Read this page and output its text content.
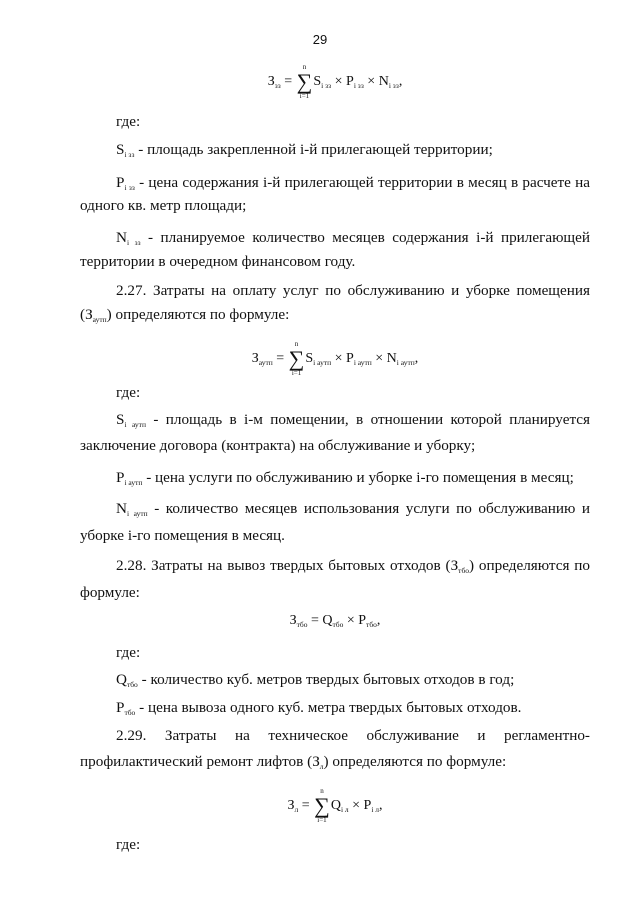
29
$З_{зз}$ =
n
∑
i=1
$S_{i зз} \times P_{i зз} \times N_{i зз}$,
где:
$S_{i зз}$ - площадь закрепленной i-й прилегающей территории;
$P_{i зз}$ - цена содержания i-й прилегающей территории в месяц в расчете на
одного кв. метр площади;
$N_{i зз}$ - планируемое количество месяцев содержания i-й прилегающей
территории в очередном финансовом году.
2.27. Затраты на оплату услуг по обслуживанию и уборке помещения
$(З_{аутп})$ определяются по формуле:
$З_{аутп}$ =
n
∑
i=1
$S_{i аутп} \times P_{i аутп} \times N_{i аутп}$,
где:
$S_{i аутп}$ - площадь в i-м помещении, в отношении которой планируется
заключение договора (контракта) на обслуживание и уборку;
$P_{i аутп}$ - цена услуги по обслуживанию и уборке i-го помещения в месяц;
$N_{i аутп}$ - количество месяцев использования услуги по обслуживанию и
уборке i-го помещения в месяц.
2.28. Затраты на вывоз твердых бытовых отходов $(З_{тбо})$ определяются по
формуле:
$З_{тбо} = Q_{тбо} \times P_{тбо}$,
где:
$Q_{тбо}$ - количество куб. метров твердых бытовых отходов в год;
$P_{тбо}$ - цена вывоза одного куб. метра твердых бытовых отходов.
2.29. Затраты на техническое обслуживание и регламентно-
профилактический ремонт лифтов $(З_л)$ определяются по формуле:
$З_л$ =
n
∑
i=1
$Q_{i л} \times P_{i л}$,
где:
